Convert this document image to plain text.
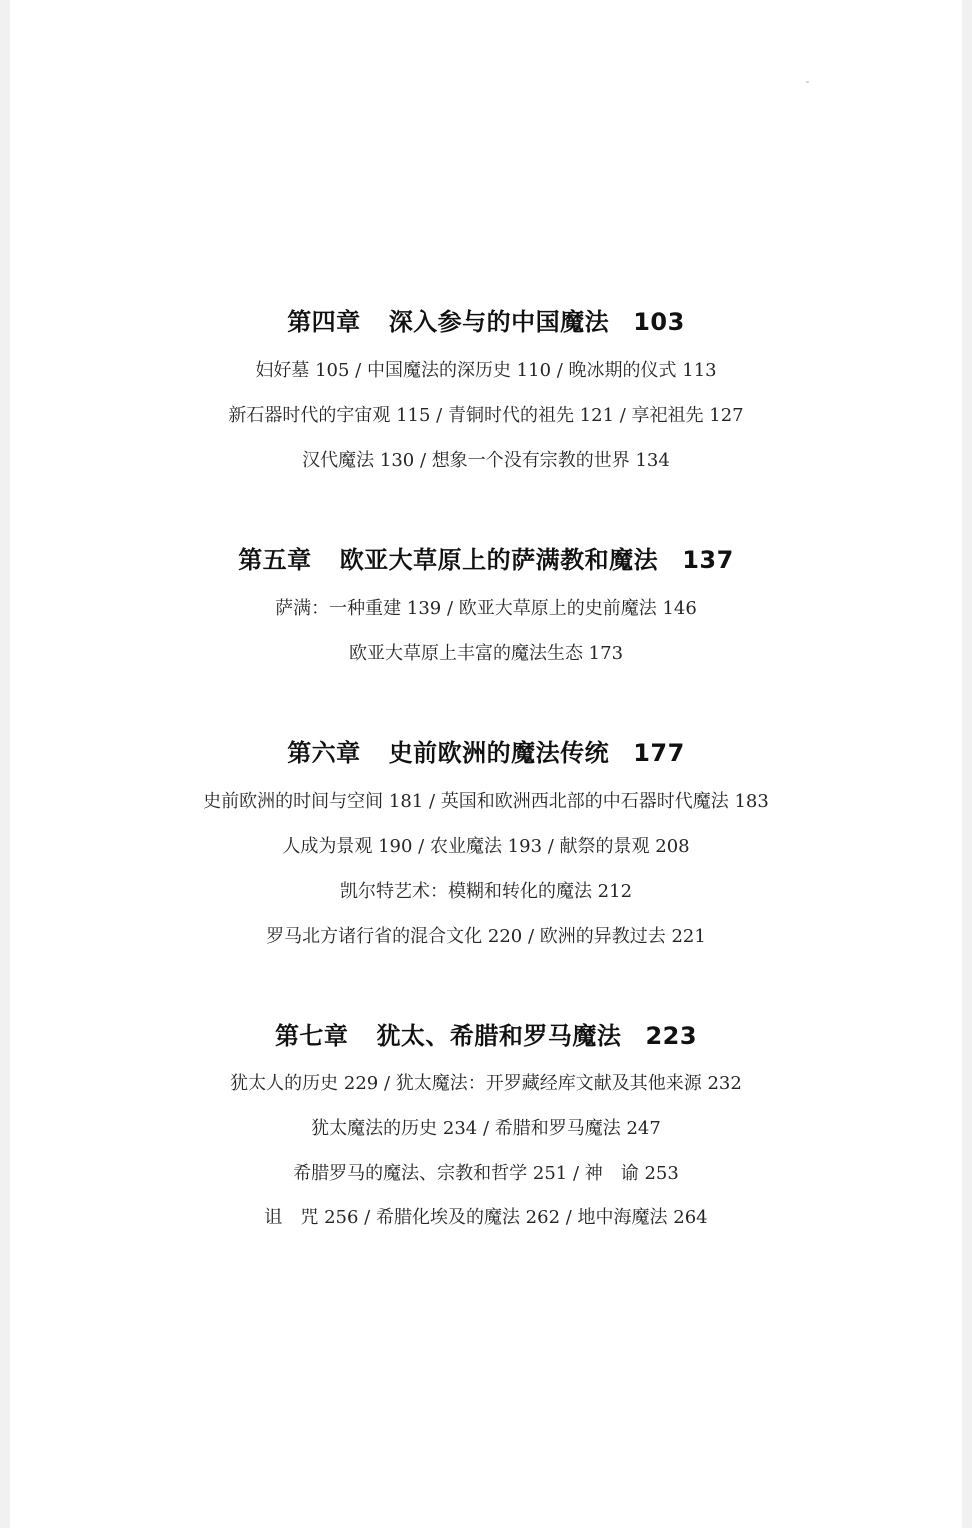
第四章 深入参与的中国魔法 103
妇好墓 105 / 中国魔法的深历史 110 / 晚冰期的仪式 113
新石器时代的宇宙观 115 / 青铜时代的祖先 121 / 享祀祖先 127
汉代魔法 130 / 想象一个没有宗教的世界 134
第五章 欧亚大草原上的萨满教和魔法 137
萨满：一种重建 139 / 欧亚大草原上的史前魔法 146
欧亚大草原上丰富的魔法生态 173
第六章 史前欧洲的魔法传统 177
史前欧洲的时间与空间 181 / 英国和欧洲西北部的中石器时代魔法 183
人成为景观 190 / 农业魔法 193 / 献祭的景观 208
凯尔特艺术：模糊和转化的魔法 212
罗马北方诸行省的混合文化 220 / 欧洲的异教过去 221
第七章 犹太、希腊和罗马魔法 223
犹太人的历史 229 / 犹太魔法：开罗藏经库文献及其他来源 232
犹太魔法的历史 234 / 希腊和罗马魔法 247
希腊罗马的魔法、宗教和哲学 251 / 神　谕 253
诅　咒 256 / 希腊化埃及的魔法 262 / 地中海魔法 264
